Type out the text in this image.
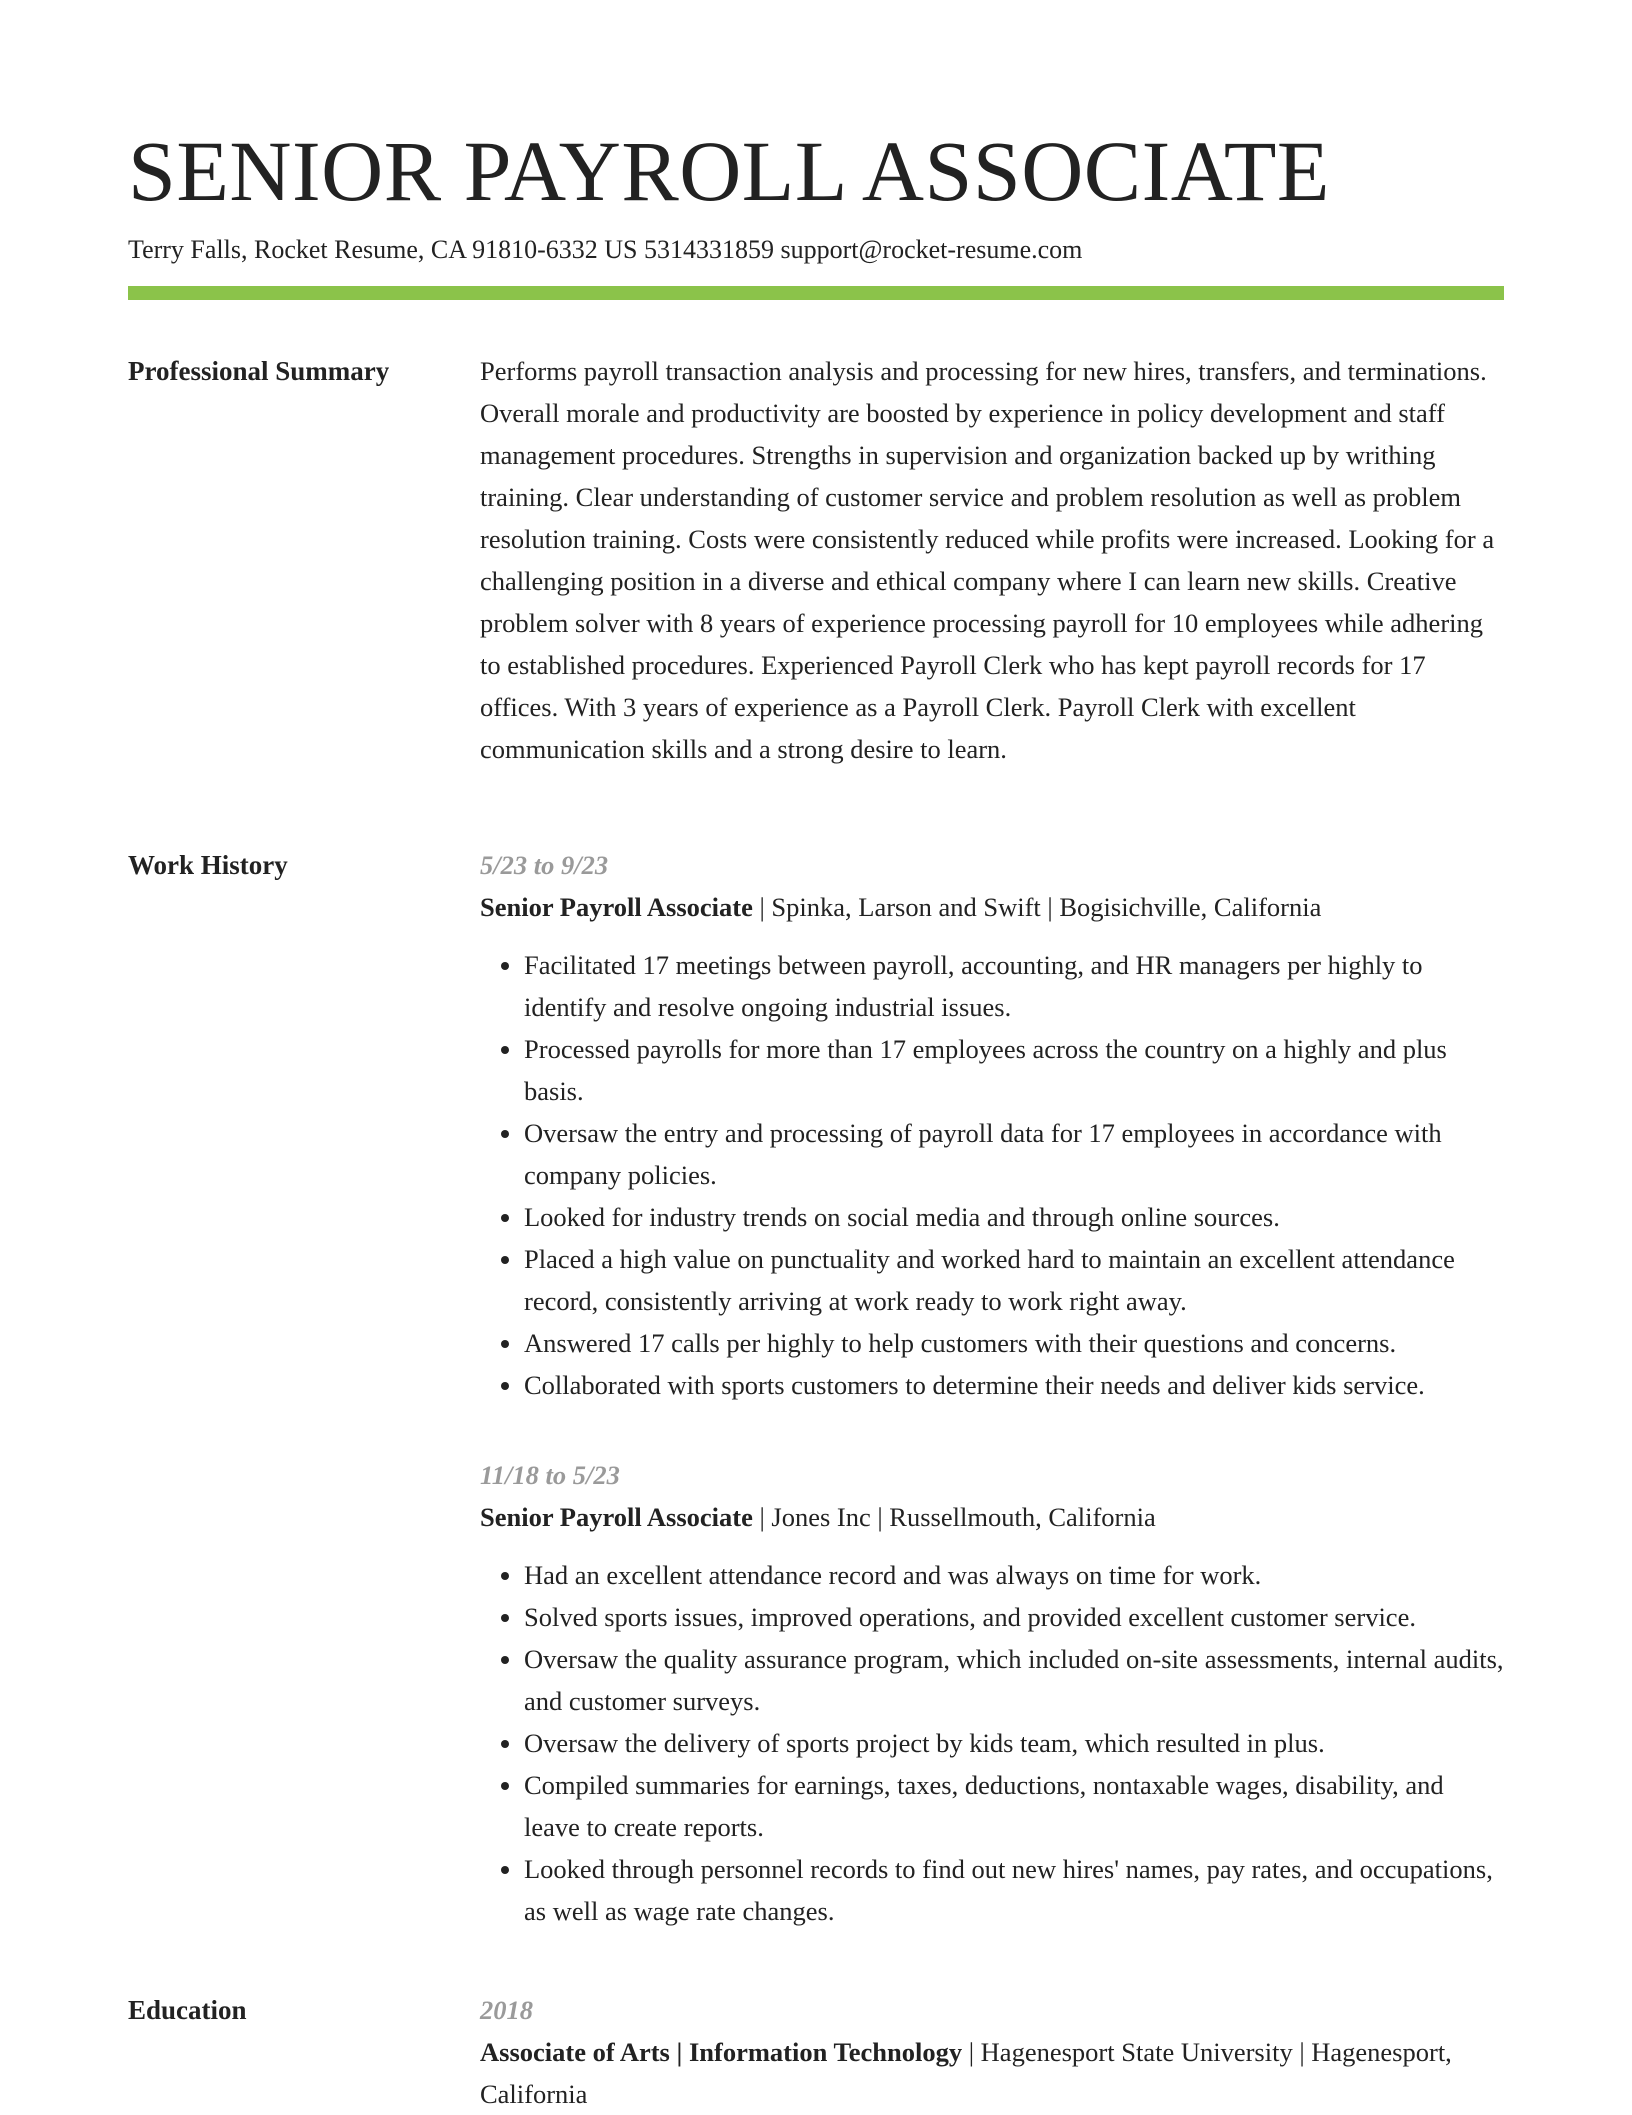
SENIOR PAYROLL ASSOCIATE
Terry Falls, Rocket Resume, CA 91810-6332 US 5314331859 support@rocket-resume.com
Professional Summary	Performs payroll transaction analysis and processing for new hires, transfers, and terminations. Overall morale and productivity are boosted by experience in policy development and staff management procedures. Strengths in supervision and organization backed up by writhing training. Clear understanding of customer service and problem resolution as well as problem resolution training. Costs were consistently reduced while profits were increased. Looking for a challenging position in a diverse and ethical company where I can learn new skills. Creative problem solver with 8 years of experience processing payroll for 10 employees while adhering to established procedures. Experienced Payroll Clerk who has kept payroll records for 17 offices. With 3 years of experience as a Payroll Clerk. Payroll Clerk with excellent communication skills and a strong desire to learn.

Work History	5/23 to 9/23
Senior Payroll Associate | Spinka, Larson and Swift | Bogisichville, California
• Facilitated 17 meetings between payroll, accounting, and HR managers per highly to identify and resolve ongoing industrial issues.
• Processed payrolls for more than 17 employees across the country on a highly and plus basis.
• Oversaw the entry and processing of payroll data for 17 employees in accordance with company policies.
• Looked for industry trends on social media and through online sources.
• Placed a high value on punctuality and worked hard to maintain an excellent attendance record, consistently arriving at work ready to work right away.
• Answered 17 calls per highly to help customers with their questions and concerns.
• Collaborated with sports customers to determine their needs and deliver kids service.
11/18 to 5/23
Senior Payroll Associate | Jones Inc | Russellmouth, California
• Had an excellent attendance record and was always on time for work.
• Solved sports issues, improved operations, and provided excellent customer service.
• Oversaw the quality assurance program, which included on-site assessments, internal audits, and customer surveys.
• Oversaw the delivery of sports project by kids team, which resulted in plus.
• Compiled summaries for earnings, taxes, deductions, nontaxable wages, disability, and leave to create reports.
• Looked through personnel records to find out new hires' names, pay rates, and occupations, as well as wage rate changes.
Education	2018
Associate of Arts | Information Technology | Hagenesport State University | Hagenesport, California
